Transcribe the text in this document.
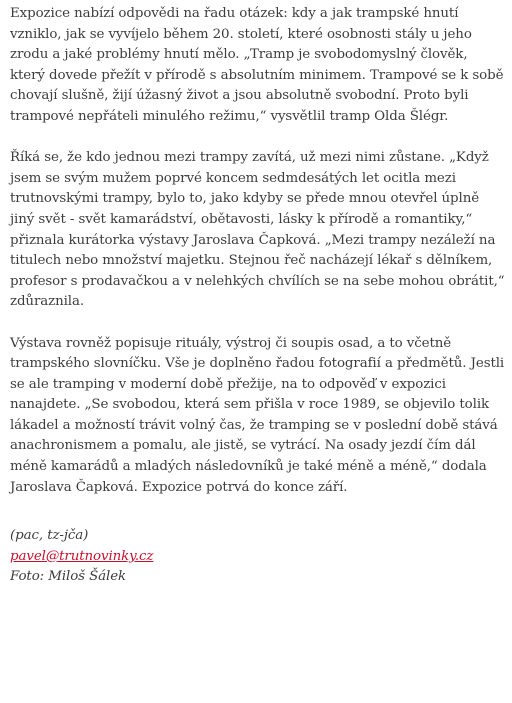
Expozice nabízí odpovědi na řadu otázek: kdy a jak trampské hnutí vzniklo, jak se vyvíjelo během 20. století, které osobnosti stály u jeho zrodu a jaké problémy hnutí mělo. „Tramp je svobodomyslný člověk, který dovede přežít v přírodě s absolutním minimem. Trampové se k sobě chovají slušně, žijí úžasný život a jsou absolutně svobodní. Proto byli trampové nepřáteli minulého režimu,“ vysvětlil tramp Olda Šlégr.

Říká se, že kdo jednou mezi trampy zavítá, už mezi nimi zůstane. „Když jsem se svým mužem poprvé koncem sedmdesátých let ocitla mezi trutnovskými trampy, bylo to, jako kdyby se přede mnou otevřel úplně jiný svět - svět kamarádství, obětavosti, lásky k přírodě a romantiky,“ přiznala kurátorka výstavy Jaroslava Čapková. „Mezi trampy nezáleží na titulech nebo množství majetku. Stejnou řeč nacházejí lékař s dělníkem, profesor s prodavačkou a v nelehkých chvílích se na sebe mohou obrátit,“ zdůraznila.

Výstava rovněž popisuje rituály, výstroj či soupis osad, a to včetně trampského slovníčku. Vše je doplněno řadou fotografií a předmětů. Jestli se ale tramping v moderní době přežije, na to odpověď v expozici nanajdete. „Se svobodou, která sem přišla v roce 1989, se objevilo tolik lákadel a možností trávit volný čas, že tramping se v poslední době stává anachronismem a pomalu, ale jistě, se vytrácí. Na osady jezdí čím dál méně kamarádů a mladých následovníků je také méně a méně,“ dodala Jaroslava Čapková. Expozice potrvá do konce září.

(pac, tz-jča)
pavel@trutnovinky.cz
Foto: Miloš Šálek
